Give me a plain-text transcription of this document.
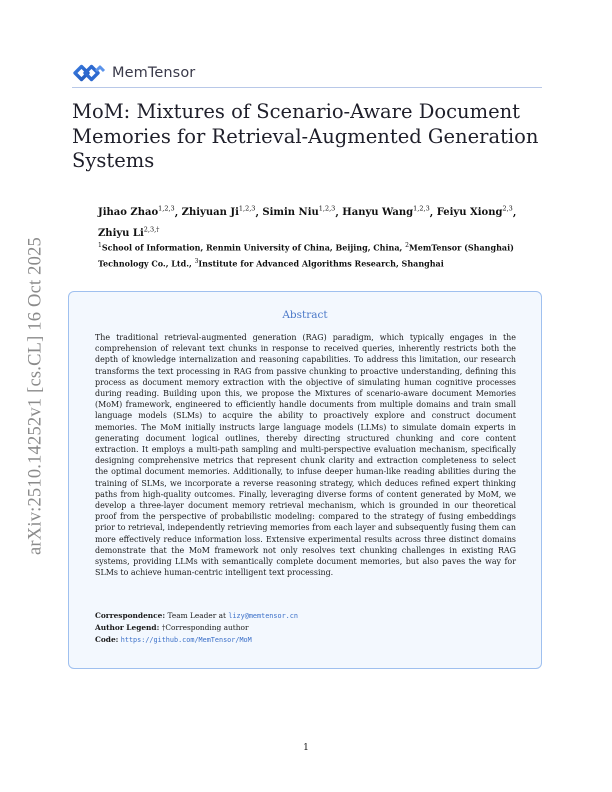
MemTensor
MoM: Mixtures of Scenario-Aware Document Memories for Retrieval-Augmented Generation Systems
Jihao Zhao$^{1,2,3}$, Zhiyuan Ji$^{1,2,3}$, Simin Niu$^{1,2,3}$, Hanyu Wang$^{1,2,3}$, Feiyu Xiong$^{2,3}$, Zhiyu $Li^{2,3,\dagger}$
$^1$School of Information, Renmin University of China, Beijing, China, $^2$MemTensor (Shanghai) Technology Co., Ltd., $^3$Institute for Advanced Algorithms Research, Shanghai
arXiv:2510.14252v1 [cs.CL] 16 Oct 2025	Abstract
The traditional retrieval-augmented generation (RAG) paradigm, which typically engages in the comprehension of relevant text chunks in response to received queries, inherently restricts both the depth of knowledge internalization and reasoning capabilities. To address this limitation, our research transforms the text processing in RAG from passive chunking to proactive understanding, defining this process as document memory extraction with the objective of simulating human cognitive processes during reading. Building upon this, we propose the Mixtures of scenario-aware document Memories (MoM) framework, engineered to efficiently handle documents from multiple domains and train small language models (SLMs) to acquire the ability to proactively explore and construct document memories. The MoM initially instructs large language models (LLMs) to simulate domain experts in generating document logical outlines, thereby directing structured chunking and core content extraction. It employs a multi-path sampling and multi-perspective evaluation mechanism, specifically designing comprehensive metrics that represent chunk clarity and extraction completeness to select the optimal document memories. Additionally, to infuse deeper human-like reading abilities during the training of SLMs, we incorporate a reverse reasoning strategy, which deduces refined expert thinking paths from high-quality outcomes. Finally, leveraging diverse forms of content generated by MoM, we develop a three-layer document memory retrieval mechanism, which is grounded in our theoretical proof from the perspective of probabilistic modeling: compared to the strategy of fusing embeddings prior to retrieval, independently retrieving memories from each layer and subsequently fusing them can more effectively reduce information loss. Extensive experimental results across three distinct domains demonstrate that the MoM framework not only resolves text chunking challenges in existing RAG systems, providing LLMs with semantically complete document memories, but also paves the way for SLMs to achieve human-centric intelligent text processing.
Correspondence: Team Leader at lizy@memtensor.cn
Author Legend: †Corresponding author
Code: https://github.com/MemTensor/MoM
1
